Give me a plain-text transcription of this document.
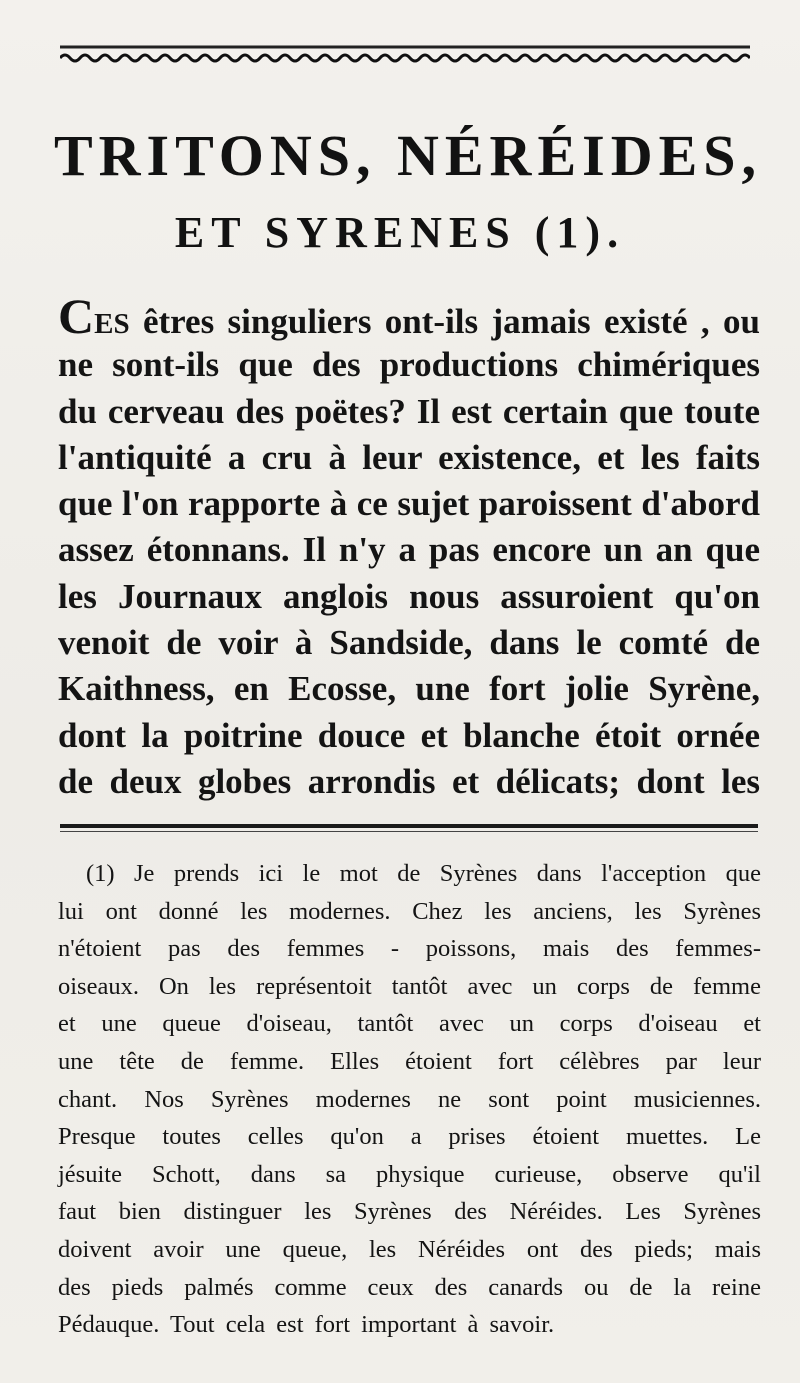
TRITONS, NÉRÉIDES,
ET SYRENES (1).
CES êtres singuliers ont-ils jamais existé , ou
ne sont-ils que des productions chimériques
du cerveau des poëtes? Il est certain que toute
l'antiquité a cru à leur existence, et les faits
que l'on rapporte à ce sujet paroissent d'abord
assez étonnans. Il n'y a pas encore un an que
les Journaux anglois nous assuroient qu'on
venoit de voir à Sandside, dans le comté de
Kaithness, en Ecosse, une fort jolie Syrène,
dont la poitrine douce et blanche étoit ornée
de deux globes arrondis et délicats; dont les
(1) Je prends ici le mot de Syrènes dans l'acception que
lui ont donné les modernes. Chez les anciens, les Syrènes
n'étoient pas des femmes - poissons, mais des femmes-
oiseaux. On les représentoit tantôt avec un corps de femme
et une queue d'oiseau, tantôt avec un corps d'oiseau et
une tête de femme. Elles étoient fort célèbres par leur
chant. Nos Syrènes modernes ne sont point musiciennes.
Presque toutes celles qu'on a prises étoient muettes. Le
jésuite Schott, dans sa physique curieuse, observe qu'il
faut bien distinguer les Syrènes des Néréides. Les Syrènes
doivent avoir une queue, les Néréides ont des pieds; mais
des pieds palmés comme ceux des canards ou de la reine
Pédauque. Tout cela est fort important à savoir.
